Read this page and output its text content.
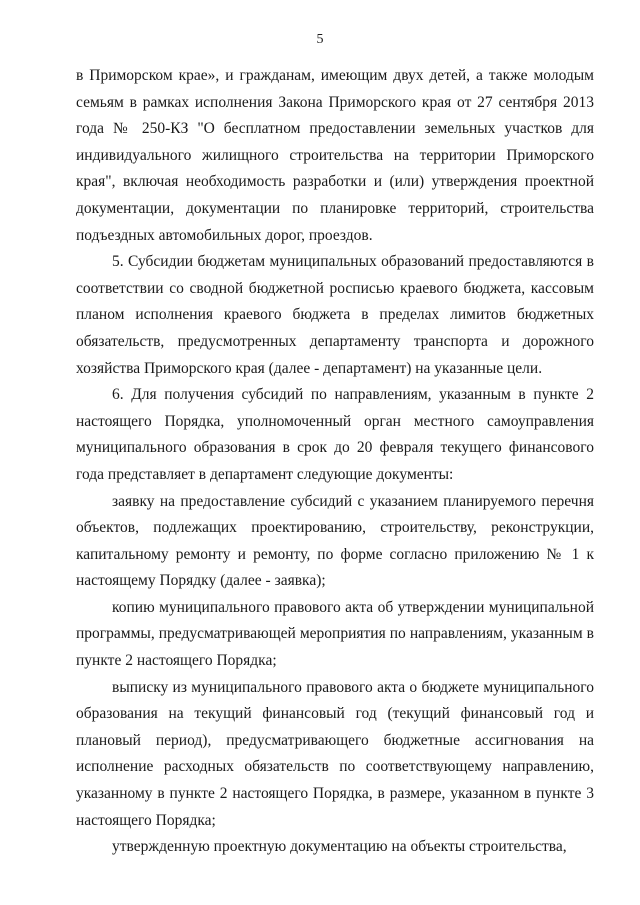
5

в Приморском крае», и гражданам, имеющим двух детей, а также молодым семьям в рамках исполнения Закона Приморского края от 27 сентября 2013 года № 250-КЗ "О бесплатном предоставлении земельных участков для индивидуального жилищного строительства на территории Приморского края", включая необходимость разработки и (или) утверждения проектной документации, документации по планировке территорий, строительства подъездных автомобильных дорог, проездов.

5. Субсидии бюджетам муниципальных образований предоставляются в соответствии со сводной бюджетной росписью краевого бюджета, кассовым планом исполнения краевого бюджета в пределах лимитов бюджетных обязательств, предусмотренных департаменту транспорта и дорожного хозяйства Приморского края (далее - департамент) на указанные цели.

6. Для получения субсидий по направлениям, указанным в пункте 2 настоящего Порядка, уполномоченный орган местного самоуправления муниципального образования в срок до 20 февраля текущего финансового года представляет в департамент следующие документы:

заявку на предоставление субсидий с указанием планируемого перечня объектов, подлежащих проектированию, строительству, реконструкции, капитальному ремонту и ремонту, по форме согласно приложению № 1 к настоящему Порядку (далее - заявка);

копию муниципального правового акта об утверждении муниципальной программы, предусматривающей мероприятия по направлениям, указанным в пункте 2 настоящего Порядка;

выписку из муниципального правового акта о бюджете муниципального образования на текущий финансовый год (текущий финансовый год и плановый период), предусматривающего бюджетные ассигнования на исполнение расходных обязательств по соответствующему направлению, указанному в пункте 2 настоящего Порядка, в размере, указанном в пункте 3 настоящего Порядка;

утвержденную проектную документацию на объекты строительства,
